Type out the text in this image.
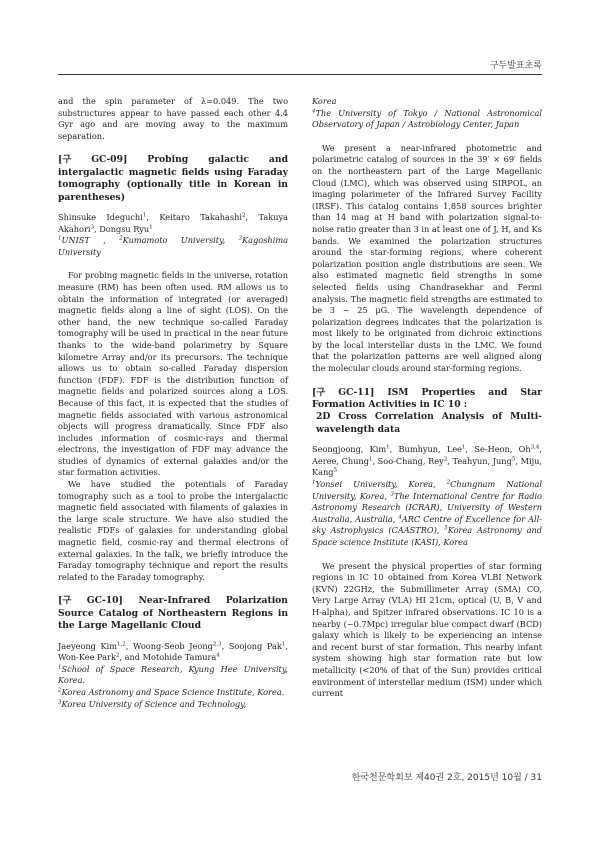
구두발표초록

and the spin parameter of λ=0.049. The two substructures appear to have passed each other 4.4 Gyr ago and are moving away to the maximum separation.

[구 GC-09] Probing galactic and intergalactic magnetic fields using Faraday tomography (optionally title in Korean in parentheses)

Shinsuke Ideguchi$^1$, Keitaro Takahashi$^2$, Takuya Akahori$^3$, Dongsu Ryu$^1$

$^1$UNIST , $^2$Kumamoto University, $^3$Kagoshima University

For probing magnetic fields in the universe, rotation measure (RM) has been often used. RM allows us to obtain the information of integrated (or averaged) magnetic fields along a line of sight (LOS). On the other hand, the new technique so-called Faraday tomography will be used in practical in the near future thanks to the wide-band polarimetry by Square kilometre Array and/or its precursors. The technique allows us to obtain so-called Faraday dispersion function (FDF). FDF is the distribution function of magnetic fields and polarized sources along a LOS. Because of this fact, it is expected that the studies of magnetic fields associated with various astronomical objects will progress dramatically. Since FDF also includes information of cosmic-rays and thermal electrons, the investigation of FDF may advance the studies of dynamics of external galaxies and/or the star formation activities.

We have studied the potentials of Faraday tomography such as a tool to probe the intergalactic magnetic field associated with filaments of galaxies in the large scale structure. We have also studied the realistic FDFs of galaxies for understanding global magnetic field, cosmic-ray and thermal electrons of external galaxies. In the talk, we briefly introduce the Faraday tomography technique and report the results related to the Faraday tomography.

[구 GC-10] Near-Infrared Polarization Source Catalog of Northeastern Regions in the Large Magellanic Cloud

Jaeyeong Kim$^{1,2}$, Woong-Seob Jeong$^{2,3}$, Soojong Pak$^1$, Won-Kee Park$^2$, and Motohide Tamura$^4$

$^1$School of Space Research, Kyung Hee University, Korea.

$^2$Korea Astronomy and Space Science Institute, Korea.

$^3$Korea University of Science and Technology,

Korea

$^4$The University of Tokyo / National Astronomical Observatory of Japan / Astrobiology Center, Japan

We present a near-infrared photometric and polarimetric catalog of sources in the 39′ × 69′ fields on the northeastern part of the Large Magellanic Cloud (LMC), which was observed using SIRPOL, an imaging polarimeter of the Infrared Survey Facility (IRSF). This catalog contains 1,858 sources brighter than 14 mag at H band with polarization signal-to-noise ratio greater than 3 in at least one of J, H, and Ks bands. We examined the polarization structures around the star-forming regions, where coherent polarization position angle distributions are seen. We also estimated magnetic field strengths in some selected fields using Chandrasekhar and Fermi analysis. The magnetic field strengths are estimated to be 3 ~ 25 μG. The wavelength dependence of polarization degrees indicates that the polarization is most likely to be originated from dichroic extinctions by the local interstellar dusts in the LMC. We found that the polarization patterns are well aligned along the molecular clouds around star-forming regions.

[구 GC-11] ISM Properties and Star Formation Activities in IC 10 :

2D Cross Correlation Analysis of Multi-wavelength data

Seongjoong, Kim$^1$, Bumhyun, Lee$^1$, Se-Heon, Oh$^{3,4}$, Aeree, Chung$^1$, Soo-Chang, Rey$^2$, Teahyun, Jung$^5$, Miju, Kang$^5$

$^1$Yonsei University, Korea, $^2$Chungnam National University, Korea, $^3$The International Centre for Radio Astronomy Research (ICRAR), University of Western Australia, Australia, $^4$ARC Centre of Excellence for All-sky Astrophysics (CAASTRO), $^5$Korea Astronomy and Space science Institute (KASI), Korea

We present the physical properties of star forming regions in IC 10 obtained from Korea VLBI Network (KVN) 22GHz, the Submillimeter Array (SMA) CO, Very Large Array (VLA) HI 21cm, optical (U, B, V and H-alpha), and Spitzer infrared observations. IC 10 is a nearby (~0.7Mpc) irregular blue compact dwarf (BCD) galaxy which is likely to be experiencing an intense and recent burst of star formation. This nearby infant system showing high star formation rate but low metallicity (<20% of that of the Sun) provides critical environment of interstellar medium (ISM) under which current

한국천문학회보 제40권 2호, 2015년 10월 / 31
